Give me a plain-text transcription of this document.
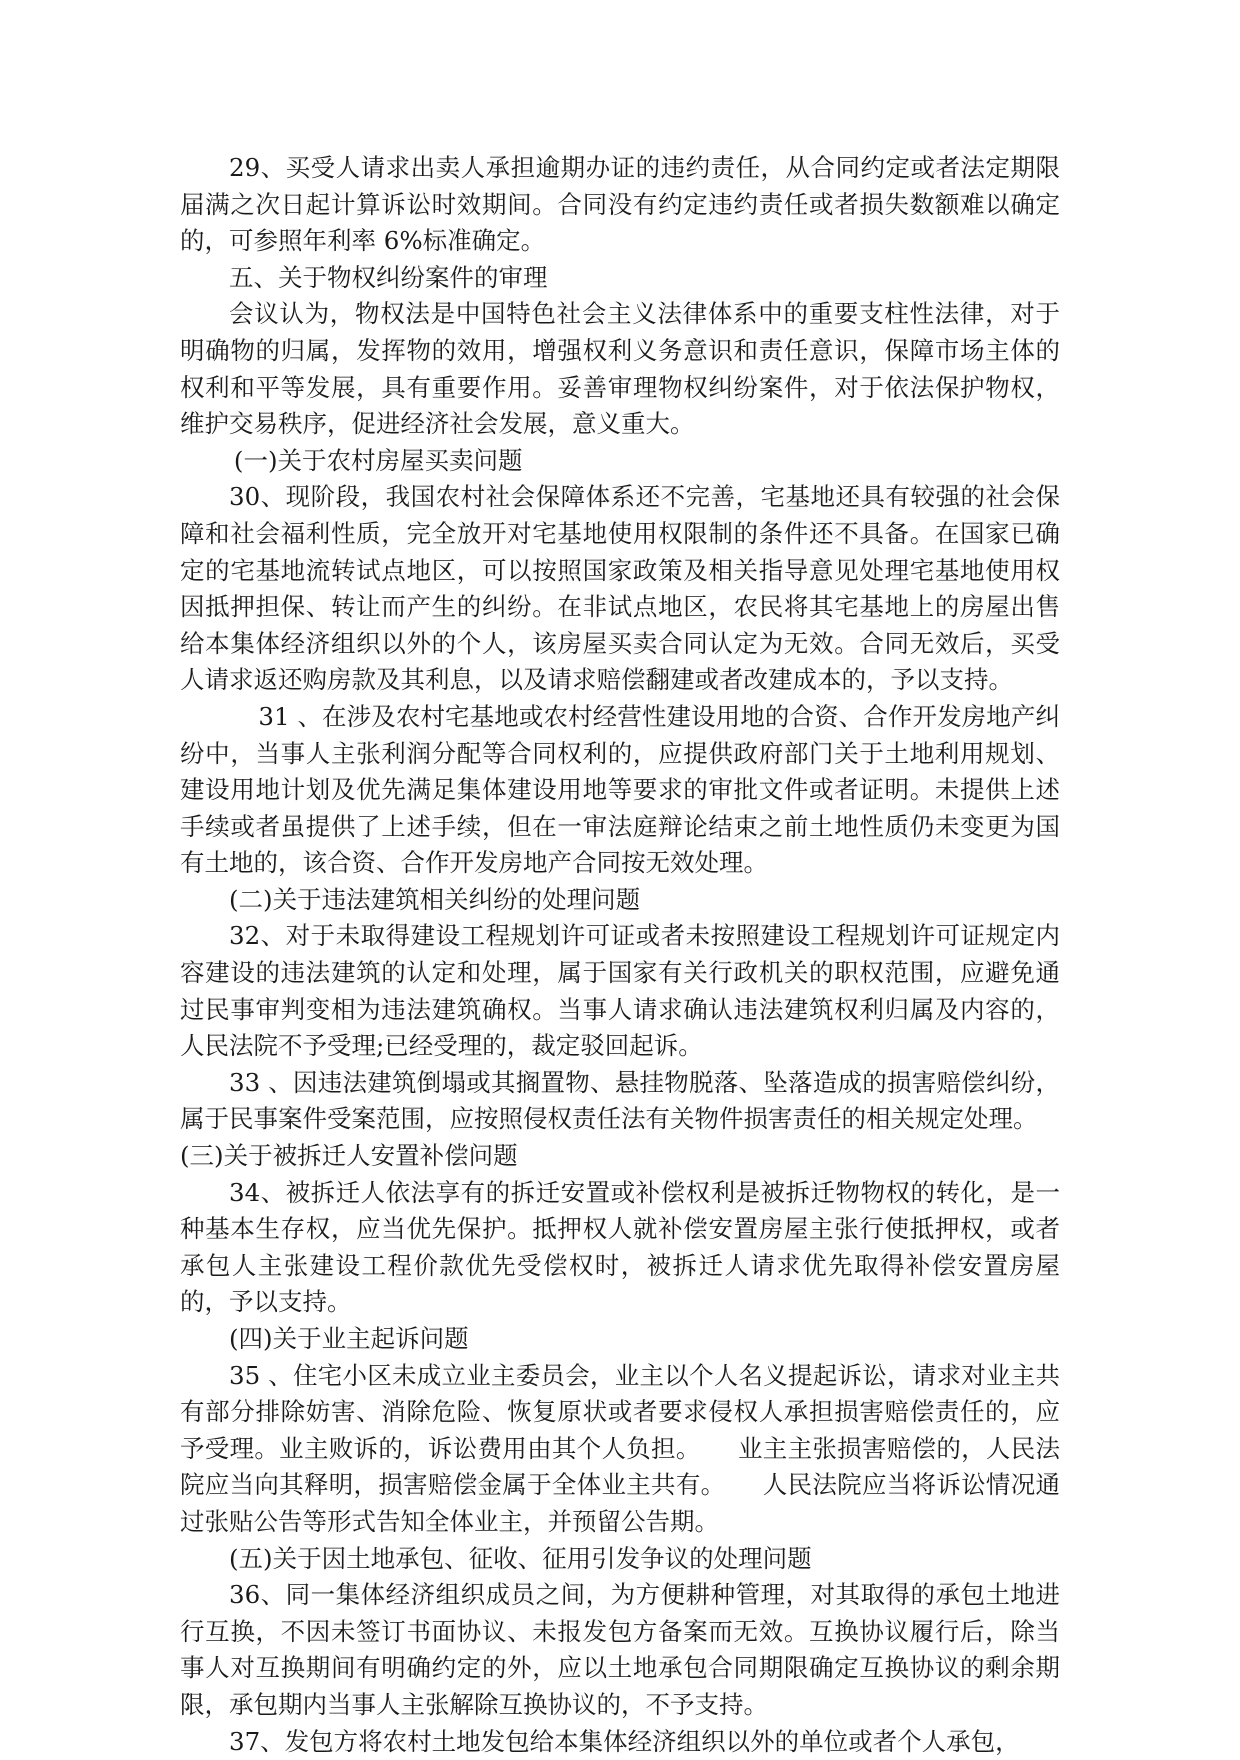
29、买受人请求出卖人承担逾期办证的违约责任，从合同约定或者法定期限届满之次日起计算诉讼时效期间。合同没有约定违约责任或者损失数额难以确定的，可参照年利率 6%标准确定。

五、关于物权纠纷案件的审理

会议认为，物权法是中国特色社会主义法律体系中的重要支柱性法律，对于明确物的归属，发挥物的效用，增强权利义务意识和责任意识，保障市场主体的权利和平等发展，具有重要作用。妥善审理物权纠纷案件，对于依法保护物权，维护交易秩序，促进经济社会发展，意义重大。

(一)关于农村房屋买卖问题

30、现阶段，我国农村社会保障体系还不完善，宅基地还具有较强的社会保障和社会福利性质，完全放开对宅基地使用权限制的条件还不具备。在国家已确定的宅基地流转试点地区，可以按照国家政策及相关指导意见处理宅基地使用权因抵押担保、转让而产生的纠纷。在非试点地区，农民将其宅基地上的房屋出售给本集体经济组织以外的个人，该房屋买卖合同认定为无效。合同无效后，买受人请求返还购房款及其利息，以及请求赔偿翻建或者改建成本的，予以支持。

31 、在涉及农村宅基地或农村经营性建设用地的合资、合作开发房地产纠纷中，当事人主张利润分配等合同权利的，应提供政府部门关于土地利用规划、建设用地计划及优先满足集体建设用地等要求的审批文件或者证明。未提供上述手续或者虽提供了上述手续，但在一审法庭辩论结束之前土地性质仍未变更为国有土地的，该合资、合作开发房地产合同按无效处理。

(二)关于违法建筑相关纠纷的处理问题

32、对于未取得建设工程规划许可证或者未按照建设工程规划许可证规定内容建设的违法建筑的认定和处理，属于国家有关行政机关的职权范围，应避免通过民事审判变相为违法建筑确权。当事人请求确认违法建筑权利归属及内容的，人民法院不予受理;已经受理的，裁定驳回起诉。

33 、因违法建筑倒塌或其搁置物、悬挂物脱落、坠落造成的损害赔偿纠纷，属于民事案件受案范围，应按照侵权责任法有关物件损害责任的相关规定处理。

(三)关于被拆迁人安置补偿问题

34、被拆迁人依法享有的拆迁安置或补偿权利是被拆迁物物权的转化，是一种基本生存权，应当优先保护。抵押权人就补偿安置房屋主张行使抵押权，或者承包人主张建设工程价款优先受偿权时，被拆迁人请求优先取得补偿安置房屋的，予以支持。

(四)关于业主起诉问题

35 、住宅小区未成立业主委员会，业主以个人名义提起诉讼，请求对业主共有部分排除妨害、消除危险、恢复原状或者要求侵权人承担损害赔偿责任的，应予受理。业主败诉的，诉讼费用由其个人负担。　　业主主张损害赔偿的，人民法院应当向其释明，损害赔偿金属于全体业主共有。　　人民法院应当将诉讼情况通过张贴公告等形式告知全体业主，并预留公告期。

(五)关于因土地承包、征收、征用引发争议的处理问题

36、同一集体经济组织成员之间，为方便耕种管理，对其取得的承包土地进行互换，不因未签订书面协议、未报发包方备案而无效。互换协议履行后，除当事人对互换期间有明确约定的外，应以土地承包合同期限确定互换协议的剩余期限，承包期内当事人主张解除互换协议的，不予支持。

37、发包方将农村土地发包给本集体经济组织以外的单位或者个人承包，
